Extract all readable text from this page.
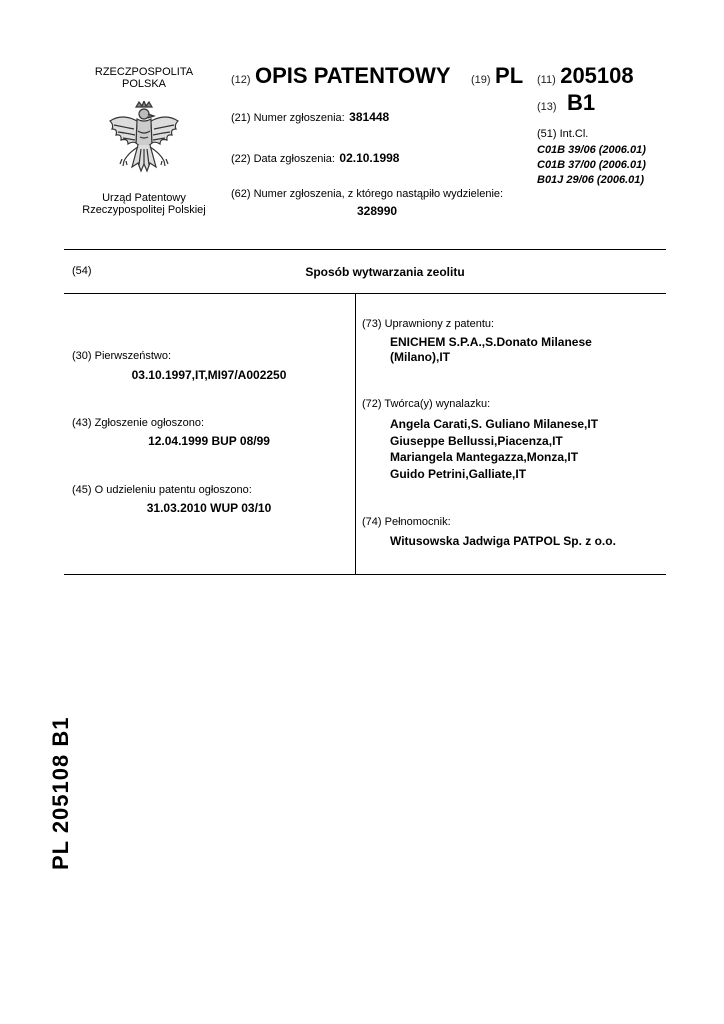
RZECZPOSPOLITA
POLSKA
Urząd Patentowy
Rzeczypospolitej Polskiej
(12) OPIS PATENTOWY (19) PL (11) 205108
(13) B1
(21) Numer zgłoszenia: 381448
(22) Data zgłoszenia: 02.10.1998
(62) Numer zgłoszenia, z którego nastąpiło wydzielenie:
328990
(51) Int.Cl.
C01B 39/06 (2006.01)
C01B 37/00 (2006.01)
B01J 29/06 (2006.01)
(54)	Sposób wytwarzania zeolitu
(30) Pierwszeństwo:
03.10.1997,IT,MI97/A002250
(43) Zgłoszenie ogłoszono:
12.04.1999 BUP 08/99
(45) O udzieleniu patentu ogłoszono:
31.03.2010 WUP 03/10
(73) Uprawniony z patentu:
ENICHEM S.P.A.,S.Donato Milanese
(Milano),IT
(72) Twórca(y) wynalazku:
Angela Carati,S. Guliano Milanese,IT
Giuseppe Bellussi,Piacenza,IT
Mariangela Mantegazza,Monza,IT
Guido Petrini,Galliate,IT
(74) Pełnomocnik:
Witusowska Jadwiga PATPOL Sp. z o.o.
PL 205108 B1
